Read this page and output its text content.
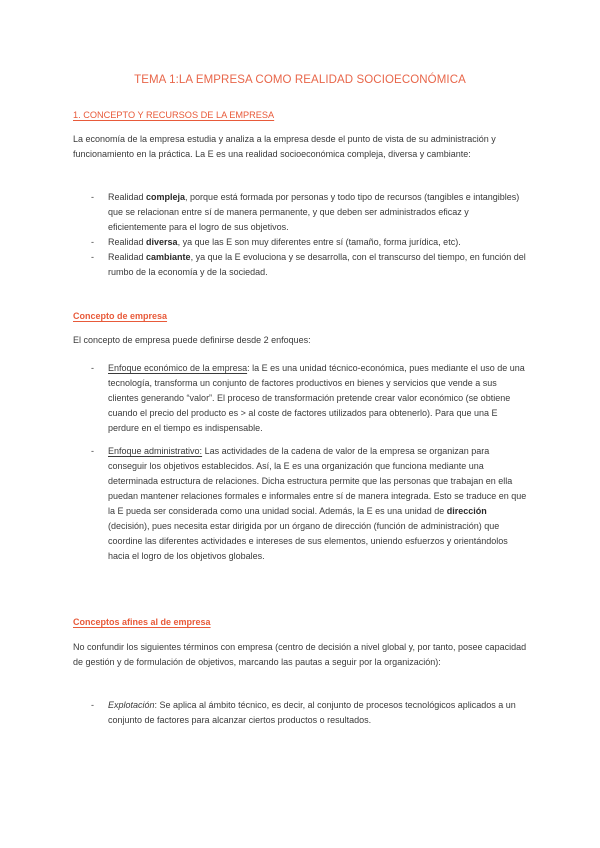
TEMA 1:LA EMPRESA COMO REALIDAD SOCIOECONÓMICA
1. CONCEPTO Y RECURSOS DE LA EMPRESA

La economía de la empresa estudia y analiza a la empresa desde el punto de vista de su administración y funcionamiento en la práctica. La E es una realidad socioeconómica compleja, diversa y cambiante:

- Realidad compleja, porque está formada por personas y todo tipo de recursos (tangibles e intangibles) que se relacionan entre sí de manera permanente, y que deben ser administrados eficaz y eficientemente para el logro de sus objetivos.
- Realidad diversa, ya que las E son muy diferentes entre sí (tamaño, forma jurídica, etc).
- Realidad cambiante, ya que la E evoluciona y se desarrolla, con el transcurso del tiempo, en función del rumbo de la economía y de la sociedad.
Concepto de empresa

El concepto de empresa puede definirse desde 2 enfoques:

- Enfoque económico de la empresa: la E es una unidad técnico-económica, pues mediante el uso de una tecnología, transforma un conjunto de factores productivos en bienes y servicios que vende a sus clientes generando “valor”. El proceso de transformación pretende crear valor económico (se obtiene cuando el precio del producto es > al coste de factores utilizados para obtenerlo). Para que una E perdure en el tiempo es indispensable.
- Enfoque administrativo: Las actividades de la cadena de valor de la empresa se organizan para conseguir los objetivos establecidos. Así, la E es una organización que funciona mediante una determinada estructura de relaciones. Dicha estructura permite que las personas que trabajan en ella puedan mantener relaciones formales e informales entre sí de manera integrada. Esto se traduce en que la E pueda ser considerada como una unidad social. Además, la E es una unidad de dirección (decisión), pues necesita estar dirigida por un órgano de dirección (función de administración) que coordine las diferentes actividades e intereses de sus elementos, uniendo esfuerzos y orientándolos hacia el logro de los objetivos globales.
Conceptos afines al de empresa

No confundir los siguientes términos con empresa (centro de decisión a nivel global y, por tanto, posee capacidad de gestión y de formulación de objetivos, marcando las pautas a seguir por la organización):

- Explotación: Se aplica al ámbito técnico, es decir, al conjunto de procesos tecnológicos aplicados a un conjunto de factores para alcanzar ciertos productos o resultados.
